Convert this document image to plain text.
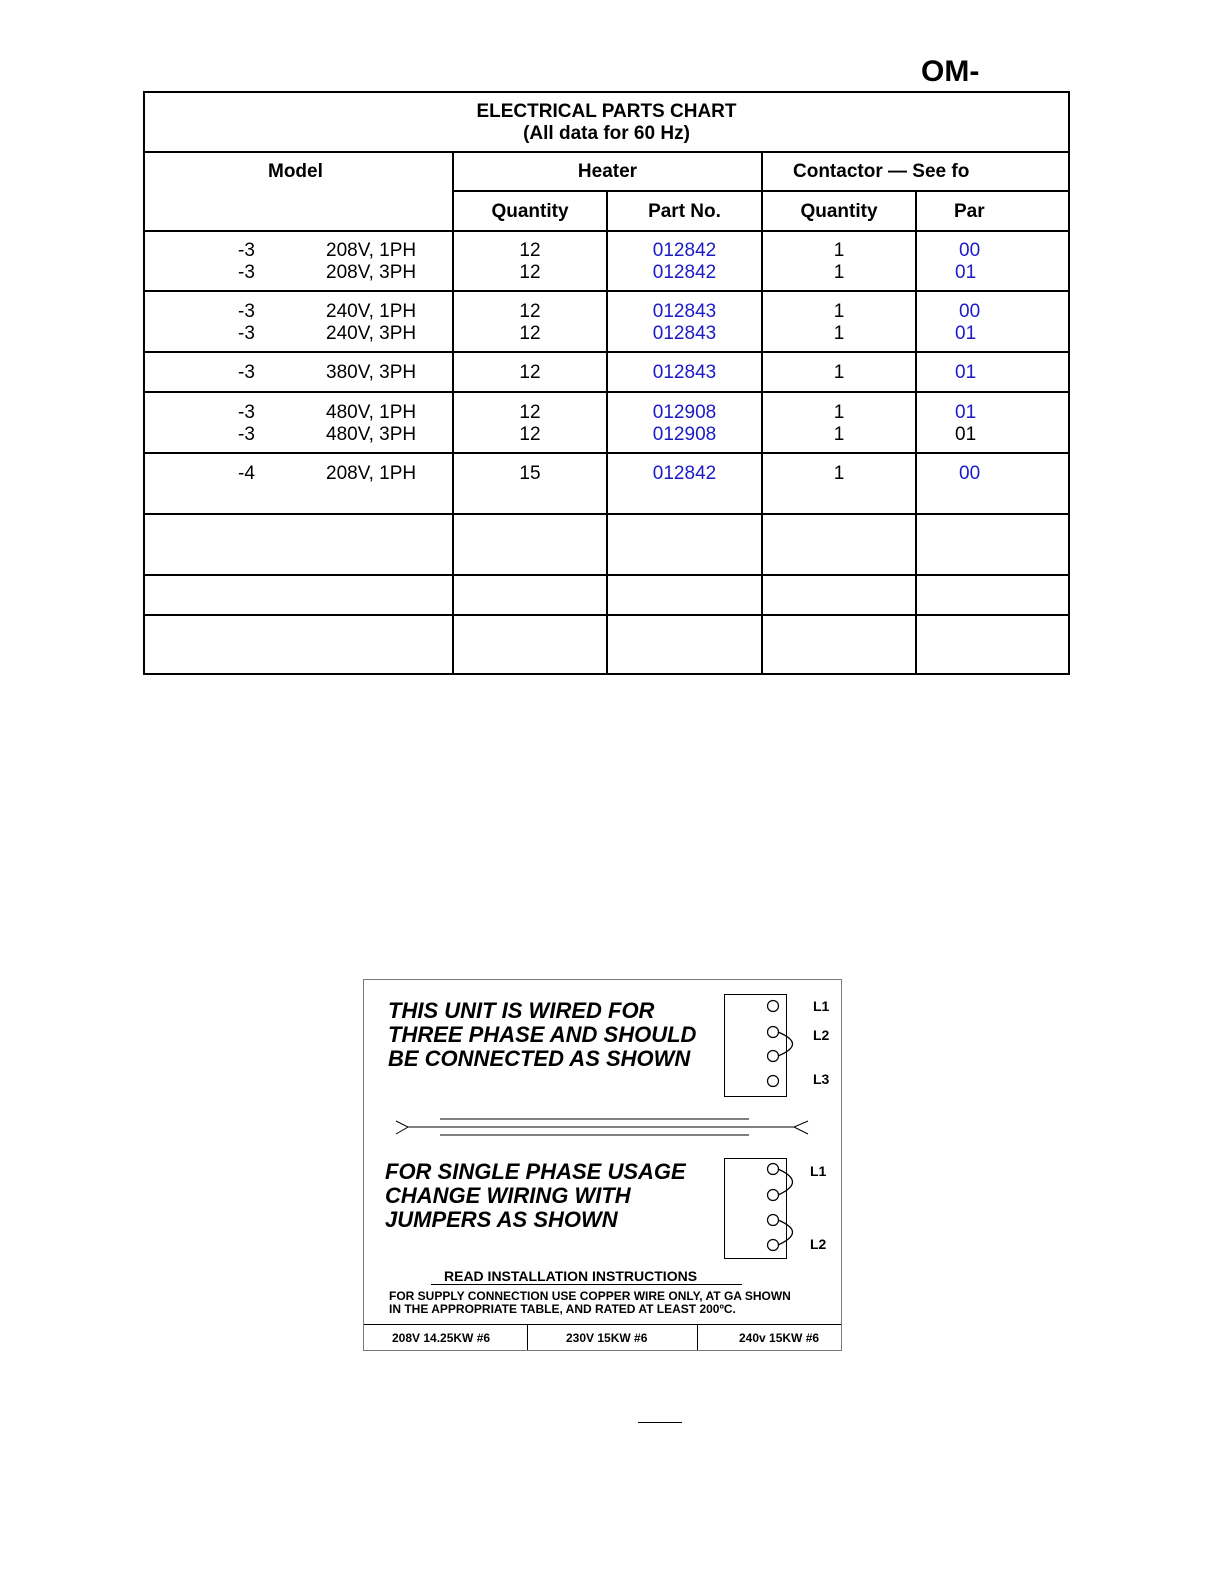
OM-
ELECTRICAL PARTS CHART
(All data for 60 Hz)
Model	Heater	Contactor — See fo
Quantity	Part No.	Quantity	Par
-3	208V, 1PH	12	012842	1	00
-3	208V, 3PH	12	012842	1	01
-3	240V, 1PH	12	012843	1	00
-3	240V, 3PH	12	012843	1	01
-3	380V, 3PH	12	012843	1	01
-3	480V, 1PH	12	012908	1	01
-3	480V, 3PH	12	012908	1	01
-4	208V, 1PH	15	012842	1	00
THIS UNIT IS WIRED FOR
THREE PHASE AND SHOULD
BE CONNECTED AS SHOWN
L1
L2
L3
FOR SINGLE PHASE USAGE
CHANGE WIRING WITH
JUMPERS AS SHOWN
L1
L2
READ INSTALLATION INSTRUCTIONS
FOR SUPPLY CONNECTION USE COPPER WIRE ONLY, AT GA SHOWN
IN THE APPROPRIATE TABLE, AND RATED AT LEAST 200ºC.
208V 14.25KW #6	230V 15KW #6	240v 15KW #6
